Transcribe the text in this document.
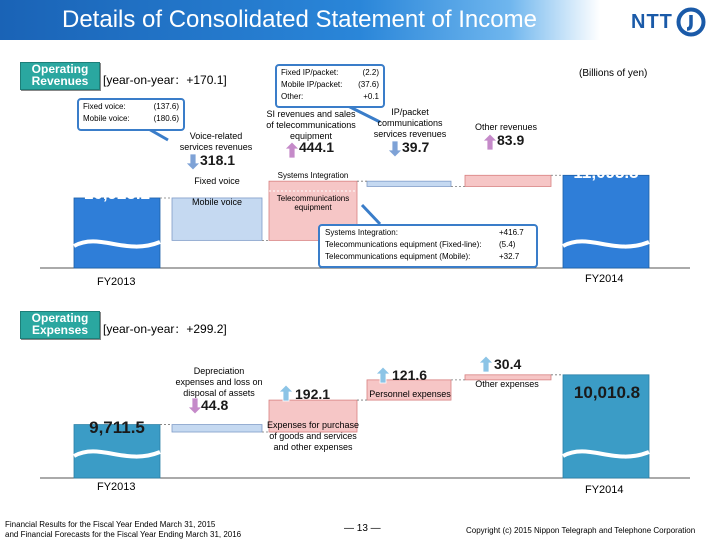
Details of Consolidated Statement of Income	NTT
Operating
Revenues	[year-on-year：+170.1]	(Billions of yen)
10,925.2
11,095.3
FY2013	FY2014
Fixed voice
Mobile voice
Systems Integration
Telecommunications
equipment
Voice-related
services revenues
SI revenues and sales
of telecommunications
equipment
IP/packet
communications
services revenues
Other revenues
318.1
444.1	39.7	83.9
Fixed voice:	(137.6)
Mobile voice:	(180.6)
Fixed IP/packet:	(2.2)
Mobile IP/packet: (37.6)
Other:	+0.1
Systems Integration:	+416.7
Telecommunications equipment (Fixed-line): (5.4)
Telecommunications equipment (Mobile):	+32.7
Operating
Expenses	[year-on-year：+299.2]
9,711.5
10,010.8
FY2013	FY2014
Depreciation
expenses and loss on
disposal of assets
Expenses for purchase
of goods and services
and other expenses
Personnel expenses
Other expenses
44.8
192.1
121.6
30.4
Financial Results for the Fiscal Year Ended March 31, 2015
and Financial Forecasts for the Fiscal Year Ending March 31, 2016
― 13 ―	Copyright (c) 2015 Nippon Telegraph and Telephone Corporation
